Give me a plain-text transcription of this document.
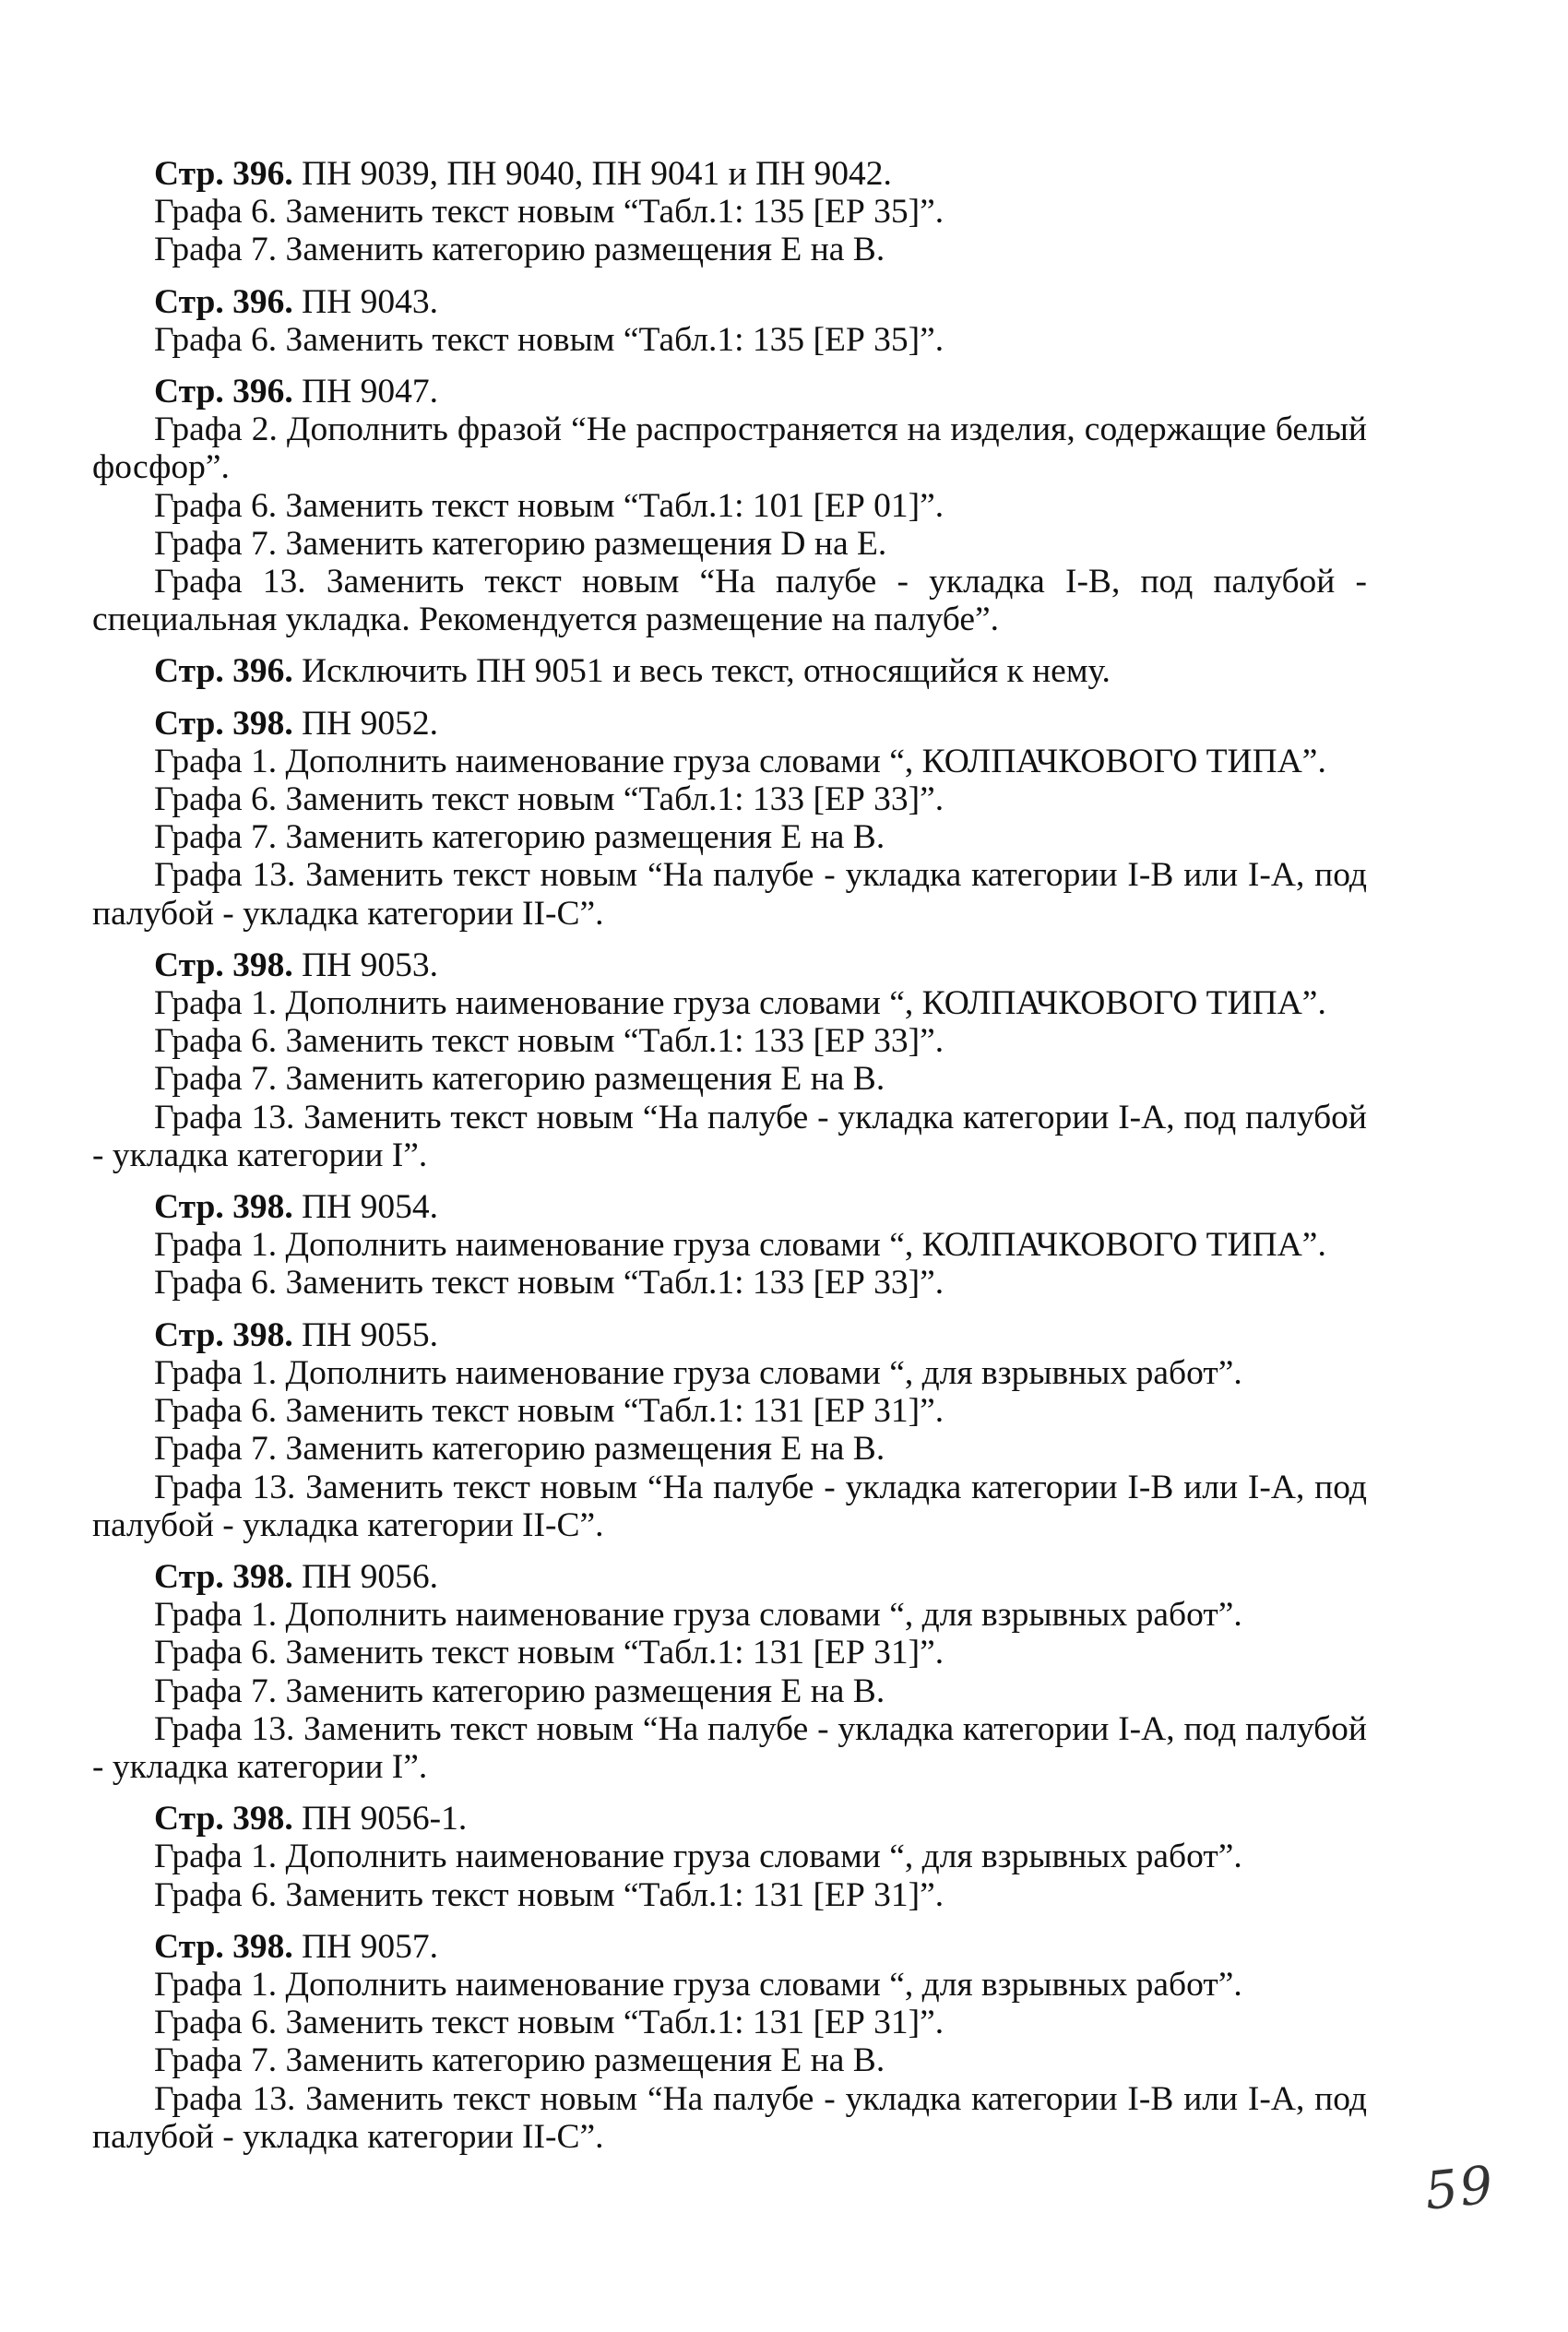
Стр. 396. ПН 9039, ПН 9040, ПН 9041 и ПН 9042.
Графа 6. Заменить текст новым “Табл.1: 135 [ЕР 35]”.
Графа 7. Заменить категорию размещения Е на В.
Стр. 396. ПН 9043.
Графа 6. Заменить текст новым “Табл.1: 135 [ЕР 35]”.
Стр. 396. ПН 9047.
Графа 2. Дополнить фразой “Не распространяется на изделия, содержащие белый фосфор”.
Графа 6. Заменить текст новым “Табл.1: 101 [ЕР 01]”.
Графа 7. Заменить категорию размещения D на Е.
Графа 13. Заменить текст новым “На палубе - укладка I-В, под палубой - специальная укладка. Рекомендуется размещение на палубе”.
Стр. 396. Исключить ПН 9051 и весь текст, относящийся к нему.
Стр. 398. ПН 9052.
Графа 1. Дополнить наименование груза словами “, КОЛПАЧКОВОГО ТИПА”.
Графа 6. Заменить текст новым “Табл.1: 133 [ЕР 33]”.
Графа 7. Заменить категорию размещения Е на В.
Графа 13. Заменить текст новым “На палубе - укладка категории I-В или I-А, под палубой - укладка категории II-С”.
Стр. 398. ПН 9053.
Графа 1. Дополнить наименование груза словами “, КОЛПАЧКОВОГО ТИПА”.
Графа 6. Заменить текст новым “Табл.1: 133 [ЕР 33]”.
Графа 7. Заменить категорию размещения Е на В.
Графа 13. Заменить текст новым “На палубе - укладка категории I-А, под палубой - укладка категории I”.
Стр. 398. ПН 9054.
Графа 1. Дополнить наименование груза словами “, КОЛПАЧКОВОГО ТИПА”.
Графа 6. Заменить текст новым “Табл.1: 133 [ЕР 33]”.
Стр. 398. ПН 9055.
Графа 1. Дополнить наименование груза словами “, для взрывных работ”.
Графа 6. Заменить текст новым “Табл.1: 131 [ЕР 31]”.
Графа 7. Заменить категорию размещения Е на В.
Графа 13. Заменить текст новым “На палубе - укладка категории I-В или I-А, под палубой - укладка категории II-С”.
Стр. 398. ПН 9056.
Графа 1. Дополнить наименование груза словами “, для взрывных работ”.
Графа 6. Заменить текст новым “Табл.1: 131 [ЕР 31]”.
Графа 7. Заменить категорию размещения Е на В.
Графа 13. Заменить текст новым “На палубе - укладка категории I-А, под палубой - укладка категории I”.
Стр. 398. ПН 9056-1.
Графа 1. Дополнить наименование груза словами “, для взрывных работ”.
Графа 6. Заменить текст новым “Табл.1: 131 [ЕР 31]”.
Стр. 398. ПН 9057.
Графа 1. Дополнить наименование груза словами “, для взрывных работ”.
Графа 6. Заменить текст новым “Табл.1: 131 [ЕР 31]”.
Графа 7. Заменить категорию размещения Е на В.
Графа 13. Заменить текст новым “На палубе - укладка категории I-В или I-А, под палубой - укладка категории II-С”.
59
